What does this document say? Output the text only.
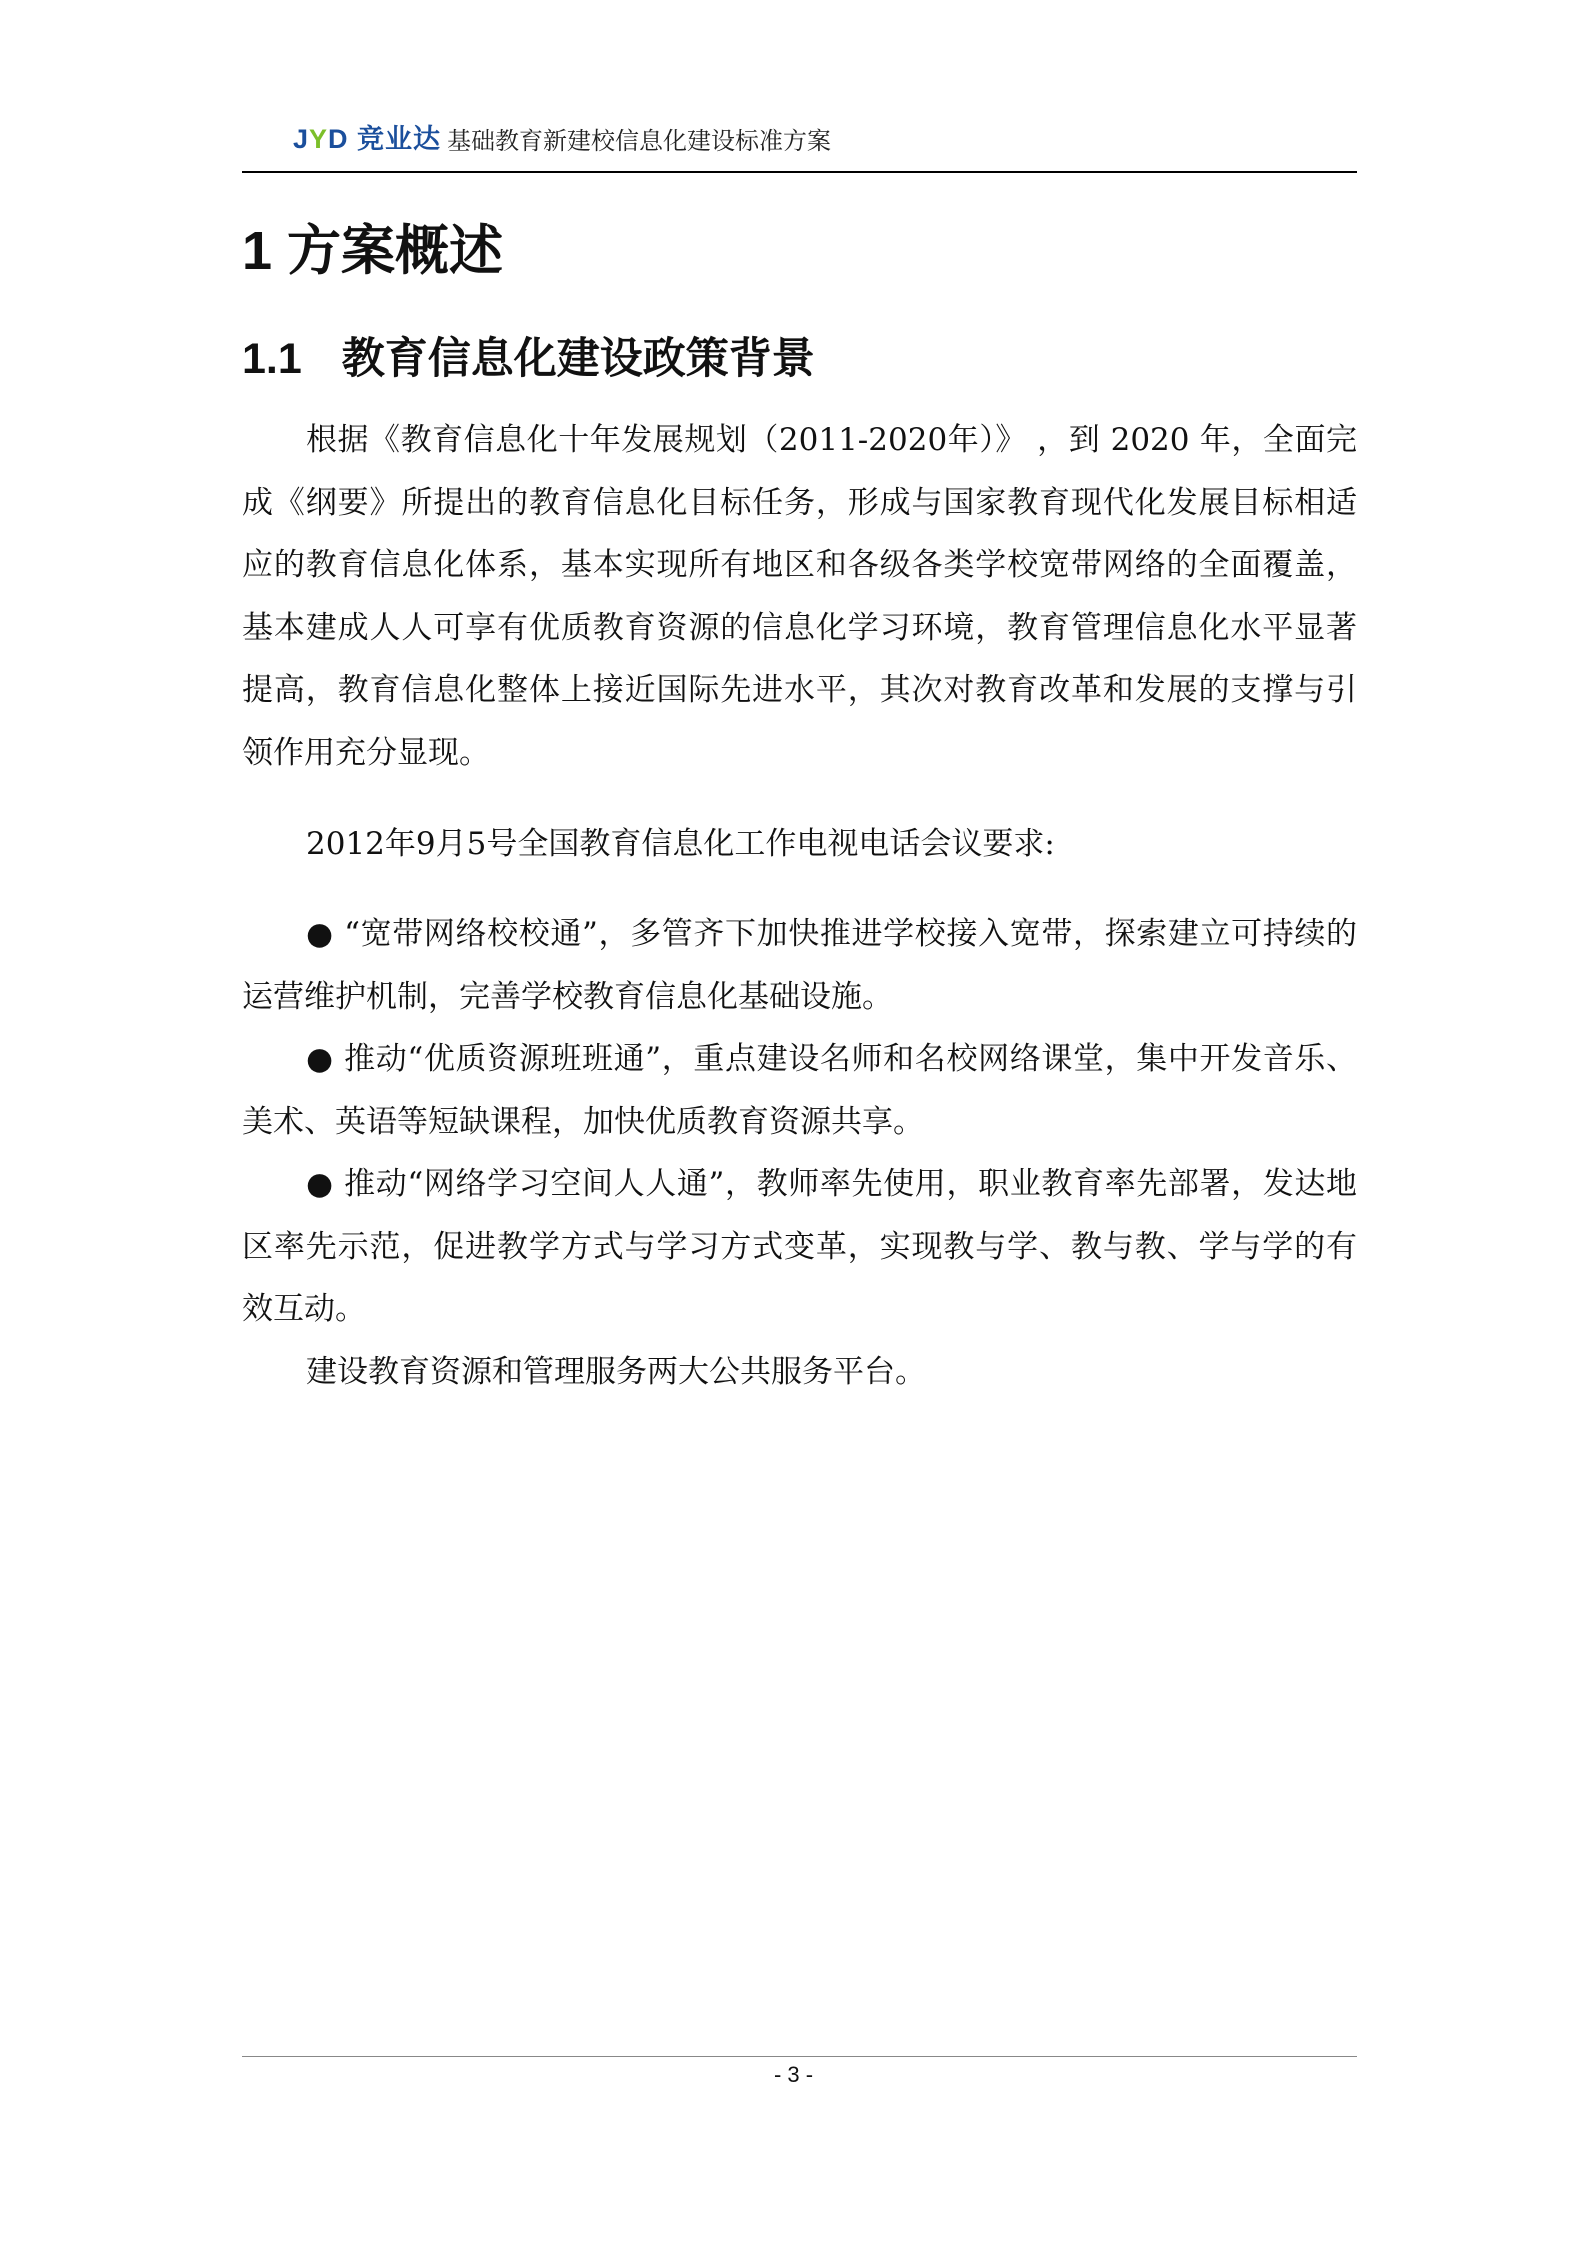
JYD 竞业达 基础教育新建校信息化建设标准方案
1 方案概述
1.1 教育信息化建设政策背景
根据《教育信息化十年发展规划（2011-2020年）》 ，到 2020 年，全面完成《纲要》所提出的教育信息化目标任务，形成与国家教育现代化发展目标相适应的教育信息化体系，基本实现所有地区和各级各类学校宽带网络的全面覆盖，基本建成人人可享有优质教育资源的信息化学习环境，教育管理信息化水平显著提高，教育信息化整体上接近国际先进水平，其次对教育改革和发展的支撑与引领作用充分显现。
2012年9月5号全国教育信息化工作电视电话会议要求:
● “宽带网络校校通”，多管齐下加快推进学校接入宽带，探索建立可持续的运营维护机制，完善学校教育信息化基础设施。
● 推动“优质资源班班通”，重点建设名师和名校网络课堂，集中开发音乐、美术、英语等短缺课程，加快优质教育资源共享。
● 推动“网络学习空间人人通”，教师率先使用，职业教育率先部署，发达地区率先示范，促进教学方式与学习方式变革，实现教与学、教与教、学与学的有效互动。
建设教育资源和管理服务两大公共服务平台。
- 3 -
